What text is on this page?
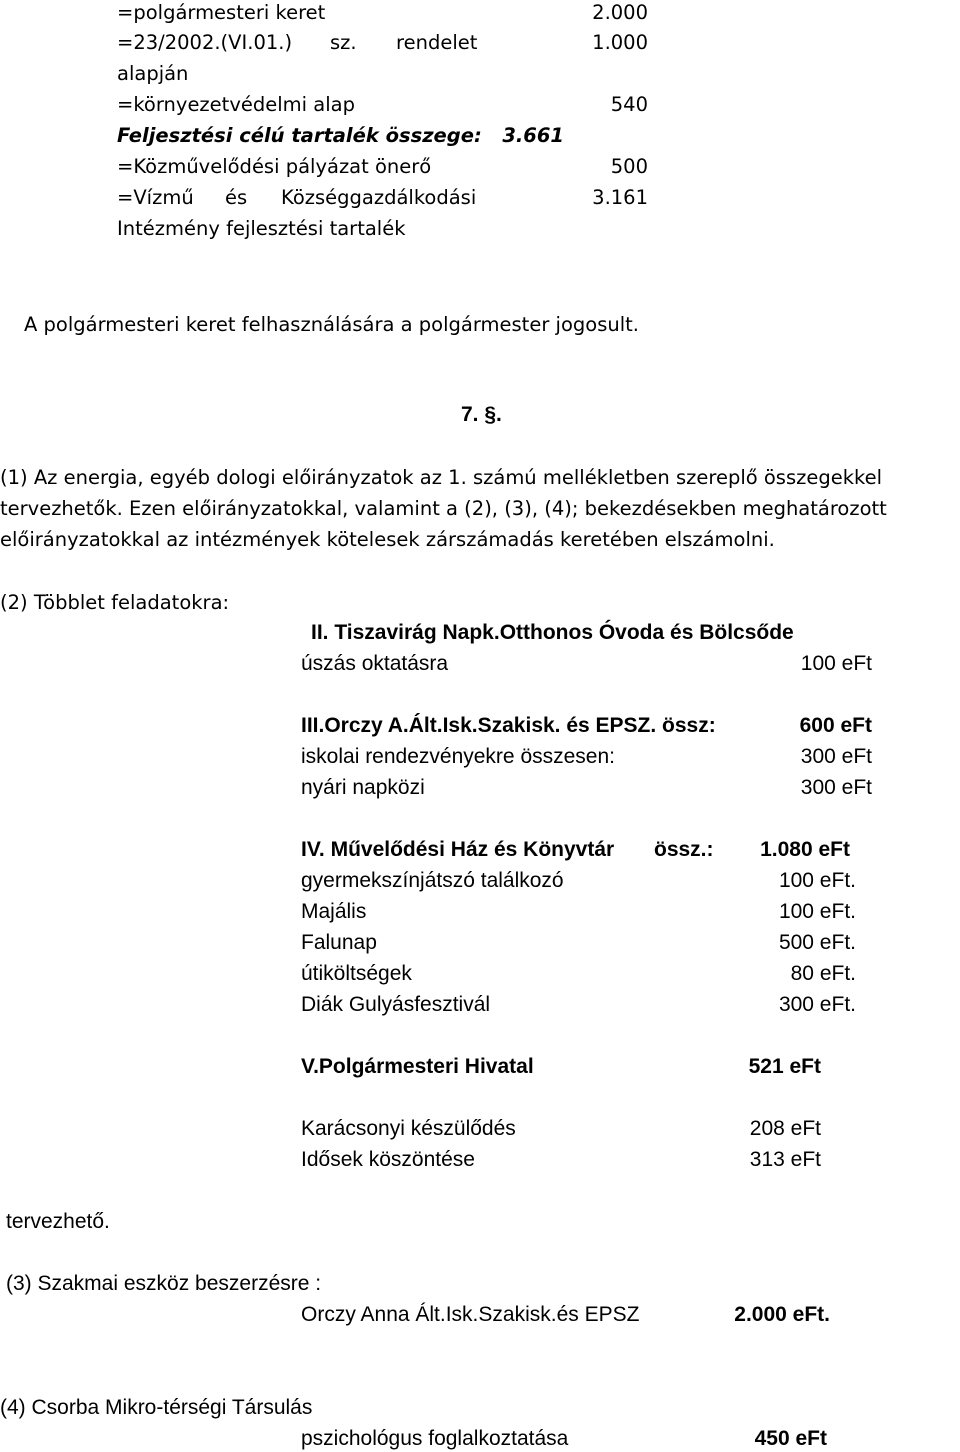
=polgármesteri keret	2.000
=23/2002.(VI.01.) sz. rendelet	1.000
alapján
=környezetvédelmi alap	540
Feljesztési célú tartalék összege:	3.661
=Közművelődési pályázat önerő	500
=Vízmű és Községgazdálkodási	3.161
Intézmény fejlesztési tartalék
A polgármesteri keret felhasználására a polgármester jogosult.
7. §.
(1) Az energia, egyéb dologi előirányzatok az 1. számú mellékletben szereplő összegekkel
tervezhetők. Ezen előirányzatokkal, valamint a (2), (3), (4); bekezdésekben meghatározott
előirányzatokkal az intézmények kötelesek zárszámadás keretében elszámolni.
(2) Többlet feladatokra:
II. Tiszavirág Napk.Otthonos Óvoda és Bölcsőde
úszás oktatásra	100 eFt
III.Orczy A.Ált.Isk.Szakisk. és EPSZ. össz:	600 eFt
iskolai rendezvényekre összesen:	300 eFt
nyári napközi	300 eFt
IV. Művelődési Ház és Könyvtár össz.:	1.080 eFt
gyermekszínjátszó találkozó	100 eFt.
Majális	100 eFt.
Falunap	500 eFt.
útiköltségek	80 eFt.
Diák Gulyásfesztivál	300 eFt.
V.Polgármesteri Hivatal	521 eFt
Karácsonyi készülődés	208 eFt
Idősek köszöntése	313 eFt
tervezhető.
(3) Szakmai eszköz beszerzésre :
Orczy Anna Ált.Isk.Szakisk.és EPSZ	2.000 eFt.
(4) Csorba Mikro-térségi Társulás
pszichológus foglalkoztatása	450 eFt
